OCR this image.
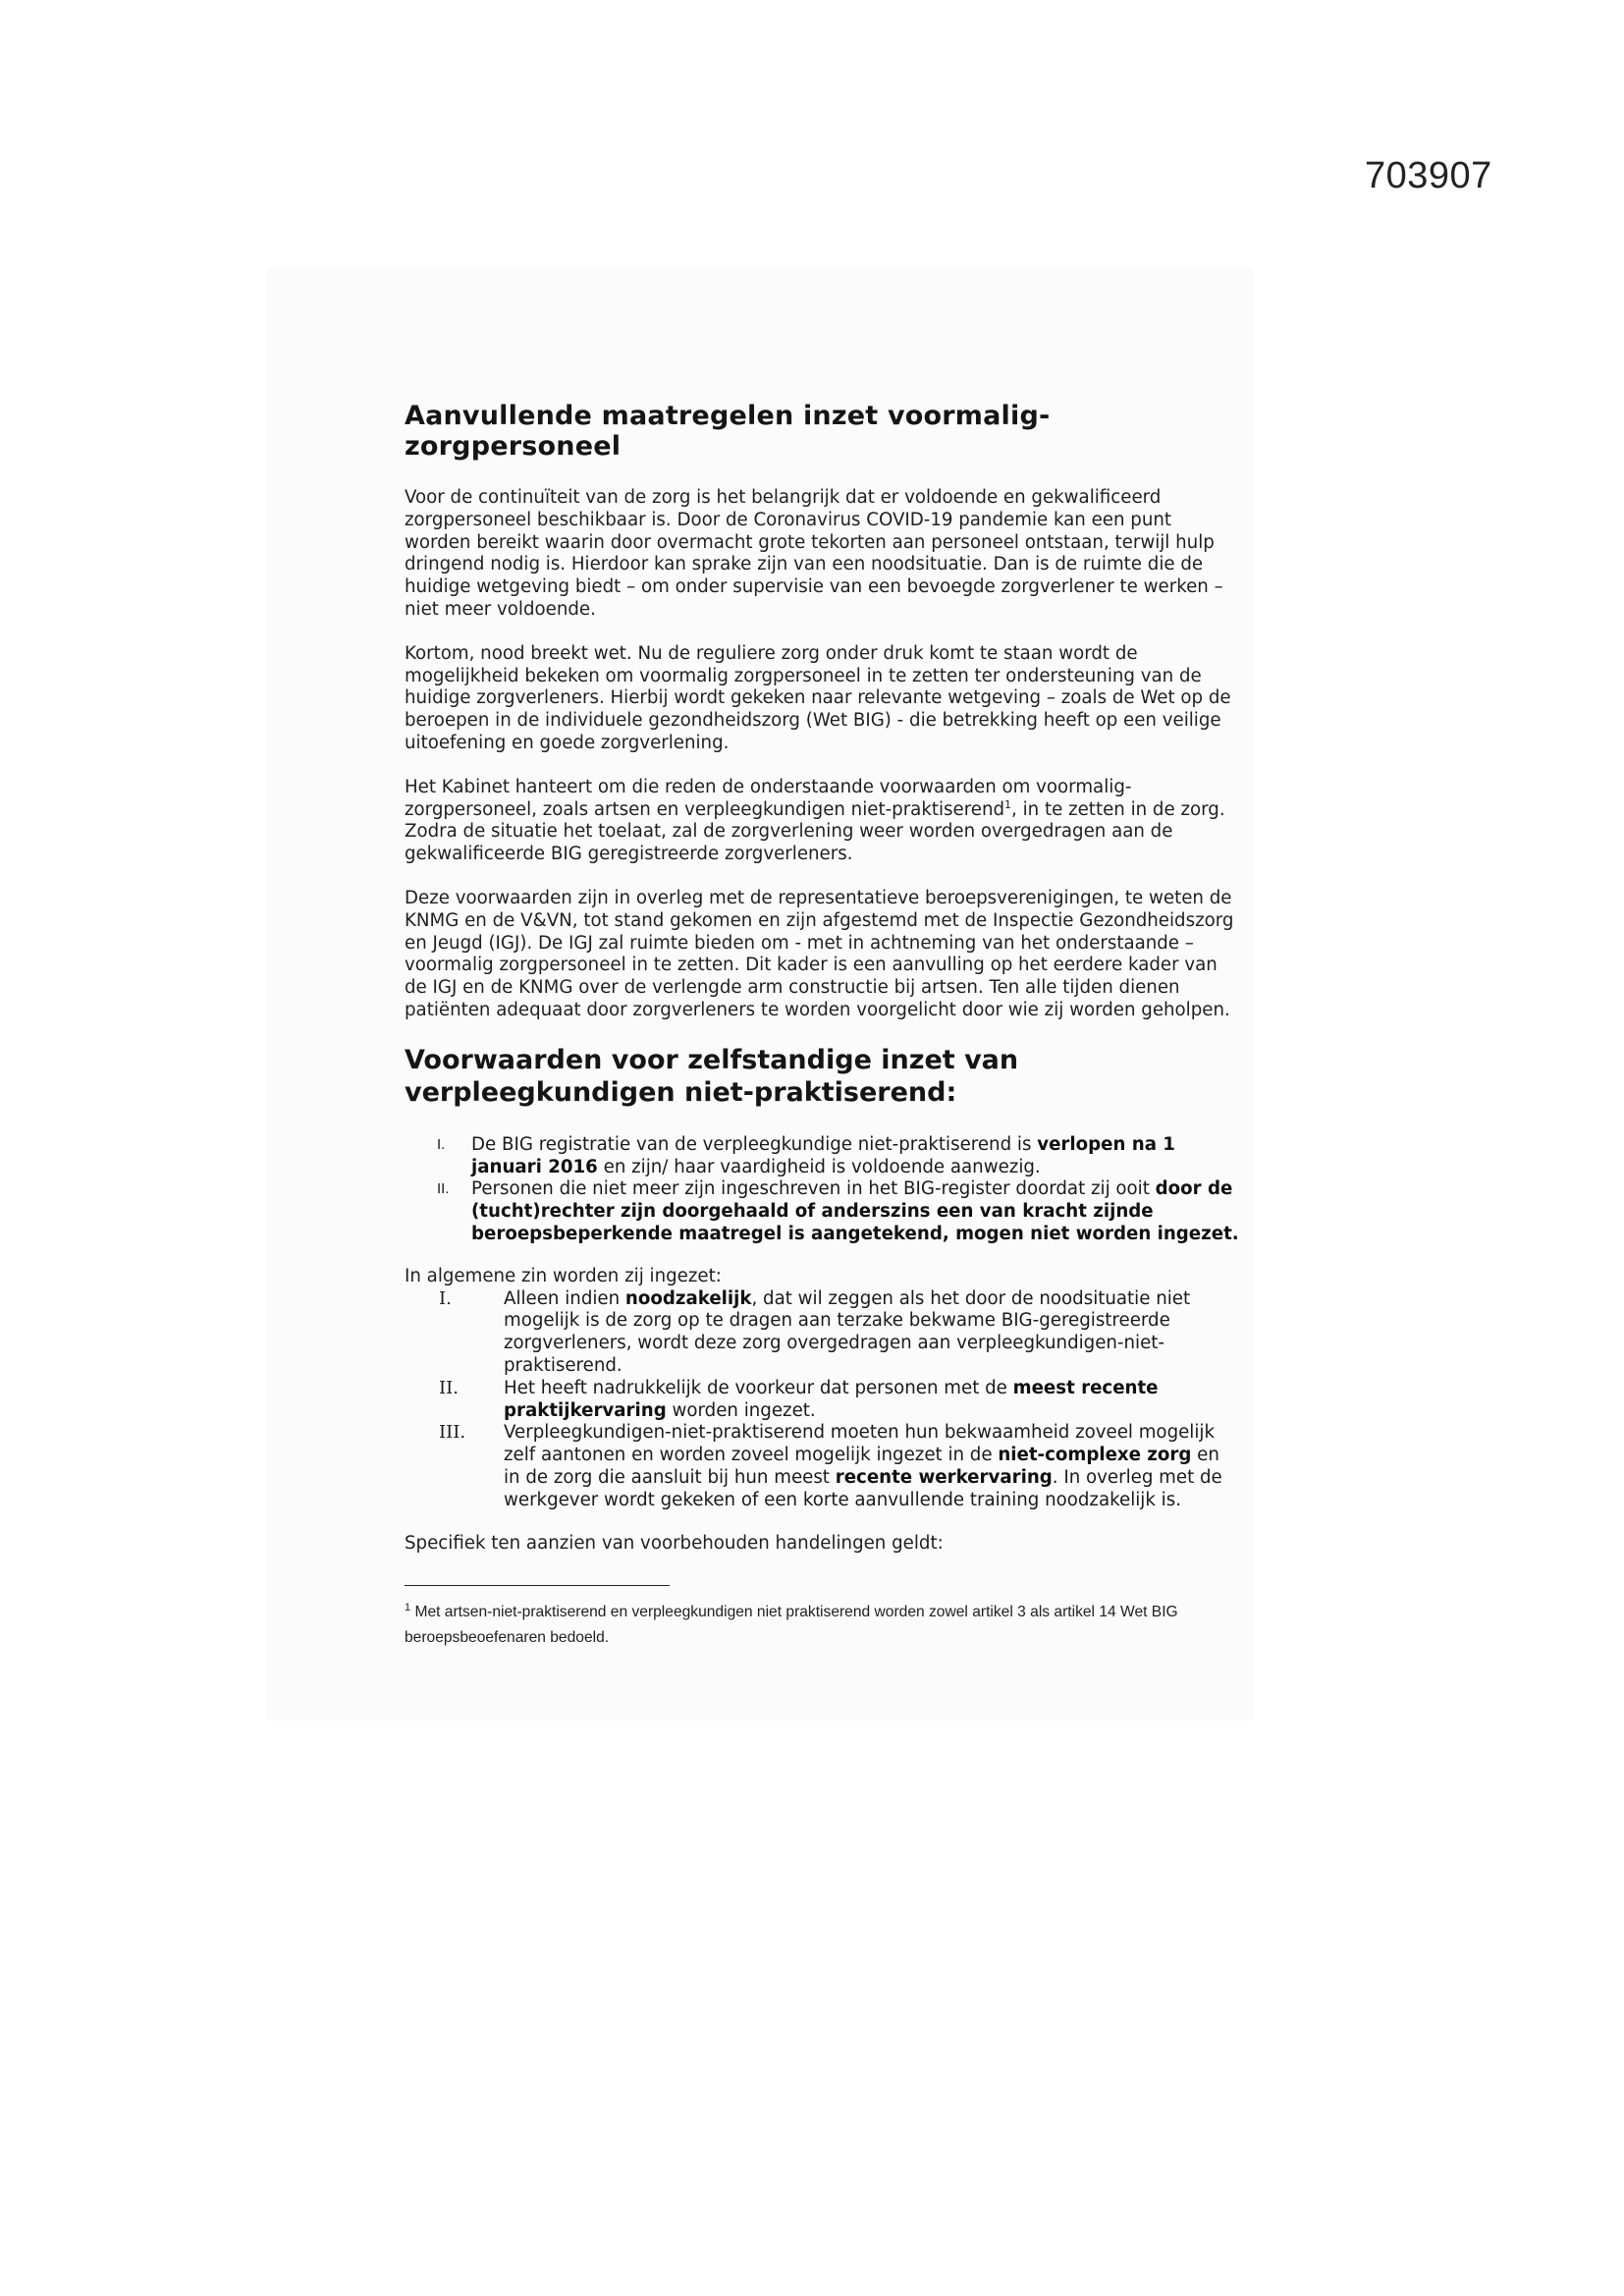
703907
Aanvullende maatregelen inzet voormalig-zorgpersoneel

Voor de continuïteit van de zorg is het belangrijk dat er voldoende en gekwalificeerd zorgpersoneel beschikbaar is. Door de Coronavirus COVID-19 pandemie kan een punt worden bereikt waarin door overmacht grote tekorten aan personeel ontstaan, terwijl hulp dringend nodig is. Hierdoor kan sprake zijn van een noodsituatie. Dan is de ruimte die de huidige wetgeving biedt – om onder supervisie van een bevoegde zorgverlener te werken – niet meer voldoende.

Kortom, nood breekt wet. Nu de reguliere zorg onder druk komt te staan wordt de mogelijkheid bekeken om voormalig zorgpersoneel in te zetten ter ondersteuning van de huidige zorgverleners. Hierbij wordt gekeken naar relevante wetgeving – zoals de Wet op de beroepen in de individuele gezondheidszorg (Wet BIG) - die betrekking heeft op een veilige uitoefening en goede zorgverlening.

Het Kabinet hanteert om die reden de onderstaande voorwaarden om voormalig-zorgpersoneel, zoals artsen en verpleegkundigen niet-praktiserend$^1$, in te zetten in de zorg. Zodra de situatie het toelaat, zal de zorgverlening weer worden overgedragen aan de gekwalificeerde BIG geregistreerde zorgverleners.

Deze voorwaarden zijn in overleg met de representatieve beroepsverenigingen, te weten de KNMG en de V&VN, tot stand gekomen en zijn afgestemd met de Inspectie Gezondheidszorg en Jeugd (IGJ). De IGJ zal ruimte bieden om - met in achtneming van het onderstaande – voormalig zorgpersoneel in te zetten. Dit kader is een aanvulling op het eerdere kader van de IGJ en de KNMG over de verlengde arm constructie bij artsen. Ten alle tijden dienen patiënten adequaat door zorgverleners te worden voorgelicht door wie zij worden geholpen.

Voorwaarden voor zelfstandige inzet van verpleegkundigen niet-praktiserend:
I. De BIG registratie van de verpleegkundige niet-praktiserend is verlopen na 1 januari 2016 en zijn/ haar vaardigheid is voldoende aanwezig.
II. Personen die niet meer zijn ingeschreven in het BIG-register doordat zij ooit door de (tucht)rechter zijn doorgehaald of anderszins een van kracht zijnde beroepsbeperkende maatregel is aangetekend, mogen niet worden ingezet.

In algemene zin worden zij ingezet:

I.	Alleen indien noodzakelijk, dat wil zeggen als het door de noodsituatie niet mogelijk is de zorg op te dragen aan terzake bekwame BIG-geregistreerde zorgverleners, wordt deze zorg overgedragen aan verpleegkundigen-niet-praktiserend.
II.	Het heeft nadrukkelijk de voorkeur dat personen met de meest recente praktijkervaring worden ingezet.
III. Verpleegkundigen-niet-praktiserend moeten hun bekwaamheid zoveel mogelijk zelf aantonen en worden zoveel mogelijk ingezet in de niet-complexe zorg en in de zorg die aansluit bij hun meest recente werkervaring. In overleg met de werkgever wordt gekeken of een korte aanvullende training noodzakelijk is.

Specifiek ten aanzien van voorbehouden handelingen geldt:

$^1$ Met artsen-niet-praktiserend en verpleegkundigen niet praktiserend worden zowel artikel 3 als artikel 14 Wet BIG beroepsbeoefenaren bedoeld.
